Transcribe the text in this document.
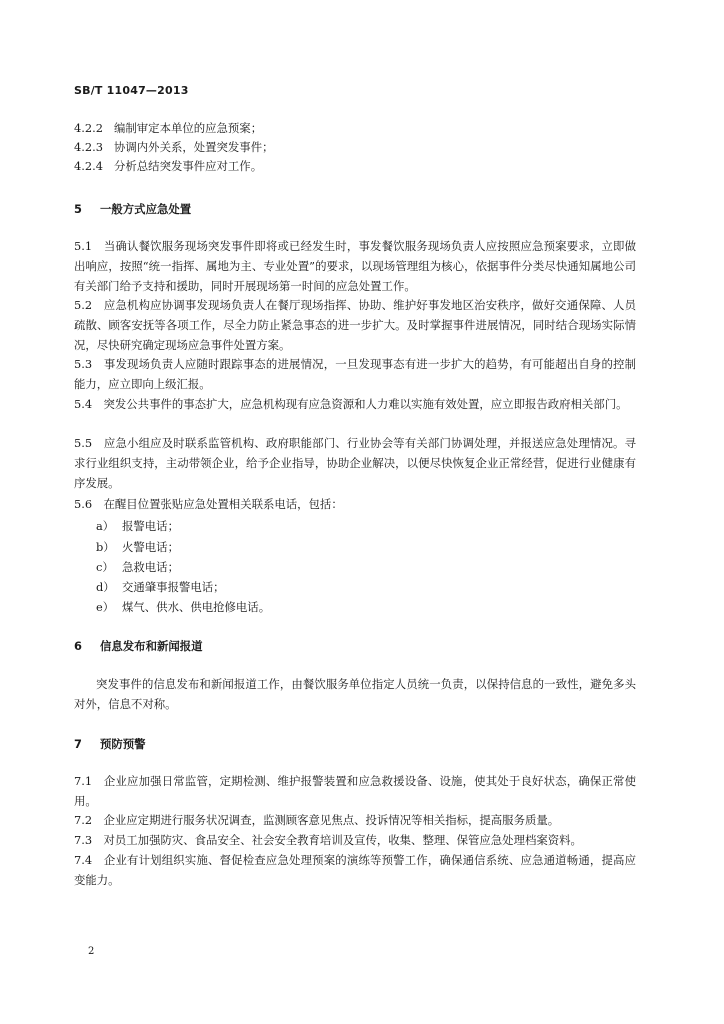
SB/T 11047—2013
4.2.2 编制审定本单位的应急预案；
4.2.3 协调内外关系，处置突发事件；
4.2.4 分析总结突发事件应对工作。
5 一般方式应急处置
5.1　当确认餐饮服务现场突发事件即将或已经发生时，事发餐饮服务现场负责人应按照应急预案要求，立即做出响应，按照“统一指挥、属地为主、专业处置”的要求，以现场管理组为核心，依据事件分类尽快通知属地公司有关部门给予支持和援助，同时开展现场第一时间的应急处置工作。
5.2　应急机构应协调事发现场负责人在餐厅现场指挥、协助、维护好事发地区治安秩序，做好交通保障、人员疏散、顾客安抚等各项工作，尽全力防止紧急事态的进一步扩大。及时掌握事件进展情况，同时结合现场实际情况，尽快研究确定现场应急事件处置方案。
5.3　事发现场负责人应随时跟踪事态的进展情况，一旦发现事态有进一步扩大的趋势，有可能超出自身的控制能力，应立即向上级汇报。
5.4　突发公共事件的事态扩大，应急机构现有应急资源和人力难以实施有效处置，应立即报告政府相关部门。
5.5　应急小组应及时联系监管机构、政府职能部门、行业协会等有关部门协调处理，并报送应急处理情况。寻求行业组织支持，主动带领企业，给予企业指导，协助企业解决，以便尽快恢复企业正常经营，促进行业健康有序发展。
5.6　在醒目位置张贴应急处置相关联系电话，包括：
a） 报警电话；
b） 火警电话；
c） 急救电话；
d） 交通肇事报警电话；
e） 煤气、供水、供电抢修电话。
6 信息发布和新闻报道
突发事件的信息发布和新闻报道工作，由餐饮服务单位指定人员统一负责，以保持信息的一致性，避免多头对外，信息不对称。
7 预防预警
7.1　企业应加强日常监管，定期检测、维护报警装置和应急救援设备、设施，使其处于良好状态，确保正常使用。
7.2　企业应定期进行服务状况调查，监测顾客意见焦点、投诉情况等相关指标，提高服务质量。
7.3　对员工加强防灾、食品安全、社会安全教育培训及宣传，收集、整理、保管应急处理档案资料。
7.4　企业有计划组织实施、督促检查应急处理预案的演练等预警工作，确保通信系统、应急通道畅通，提高应变能力。
2
